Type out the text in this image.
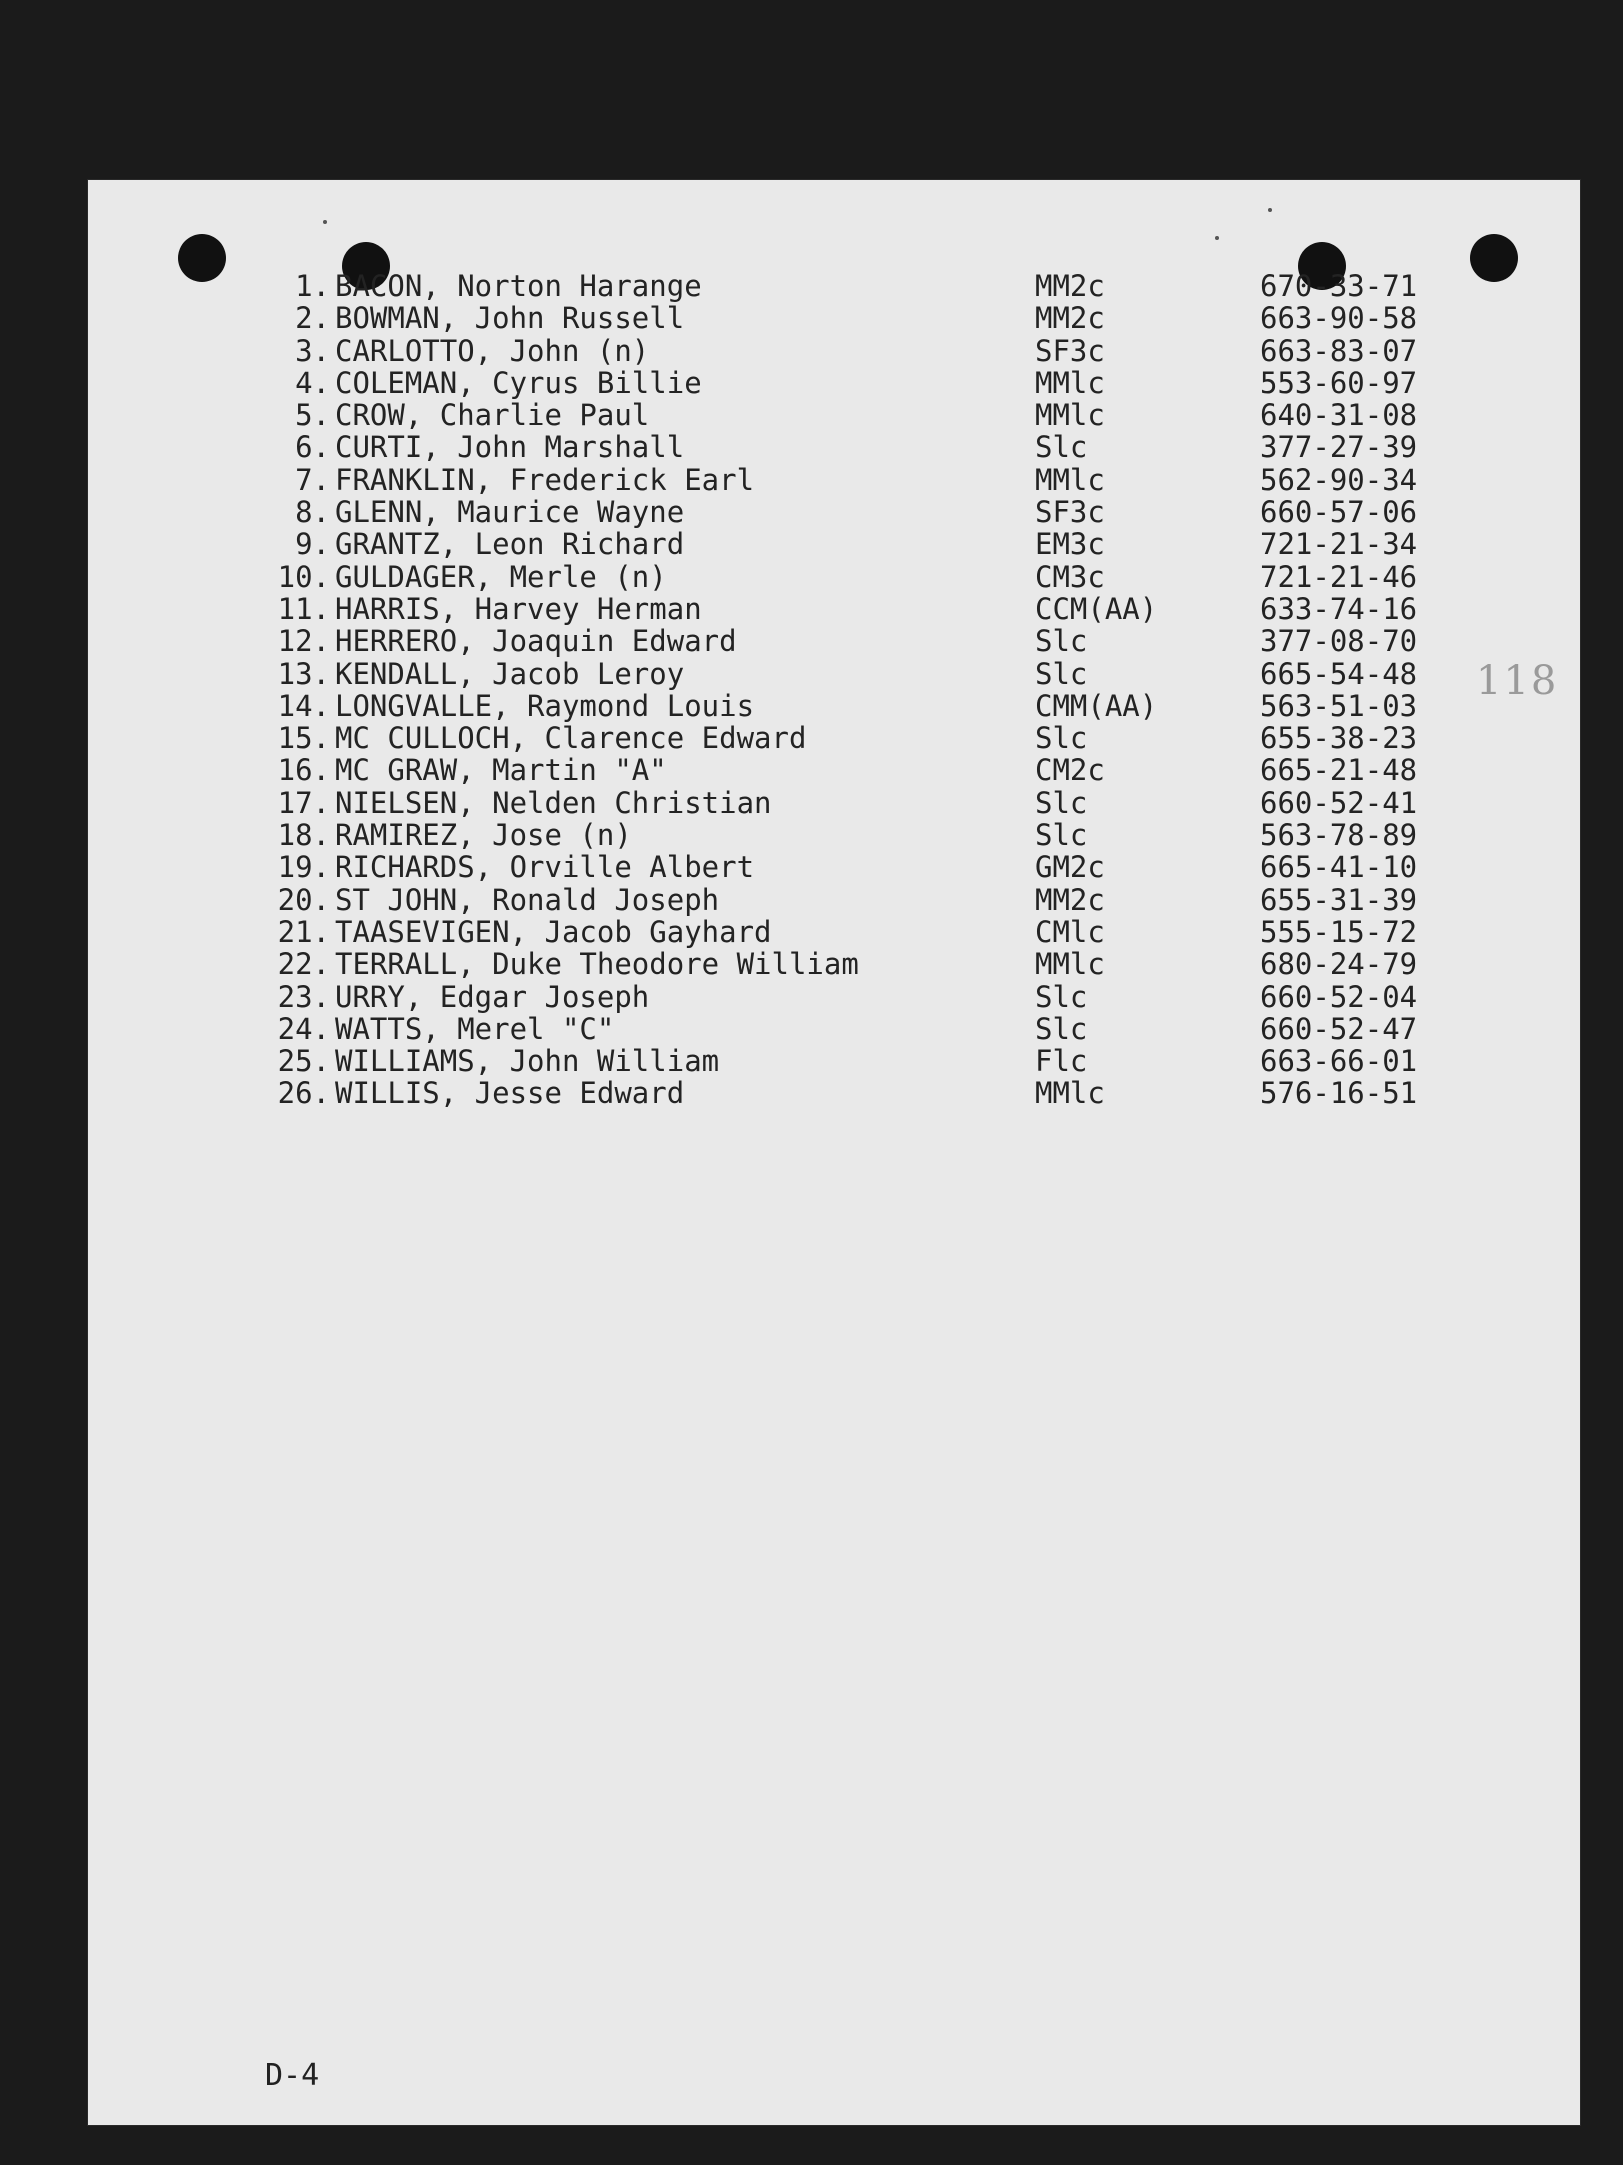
1. BACON, Norton Harange	MM2c	670-33-71
2. BOWMAN, John Russell	MM2c	663-90-58
3. CARLOTTO, John (n)	SF3c	663-83-07
4. COLEMAN, Cyrus Billie	MMlc	553-60-97
5. CROW, Charlie Paul	MMlc	640-31-08
6. CURTI, John Marshall	Slc	377-27-39
7. FRANKLIN, Frederick Earl	MMlc	562-90-34
8. GLENN, Maurice Wayne	SF3c	660-57-06
9. GRANTZ, Leon Richard	EM3c	721-21-34
10. GULDAGER, Merle (n)	CM3c	721-21-46
11. HARRIS, Harvey Herman	CCM(AA)	633-74-16
12. HERRERO, Joaquin Edward	Slc	377-08-70
13. KENDALL, Jacob Leroy	Slc	665-54-48
14. LONGVALLE, Raymond Louis	CMM(AA)	563-51-03
15. MC CULLOCH, Clarence Edward	Slc	655-38-23
16. MC GRAW, Martin "A"	CM2c	665-21-48
17. NIELSEN, Nelden Christian	Slc	660-52-41
18. RAMIREZ, Jose (n)	Slc	563-78-89
19. RICHARDS, Orville Albert	GM2c	665-41-10
20. ST JOHN, Ronald Joseph	MM2c	655-31-39
21. TAASEVIGEN, Jacob Gayhard	CMlc	555-15-72
22. TERRALL, Duke Theodore William	MMlc	680-24-79
23. URRY, Edgar Joseph	Slc	660-52-04
24. WATTS, Merel "C"	Slc	660-52-47
25. WILLIAMS, John William	Flc	663-66-01
26. WILLIS, Jesse Edward	MMlc	576-16-51
118
D-4
